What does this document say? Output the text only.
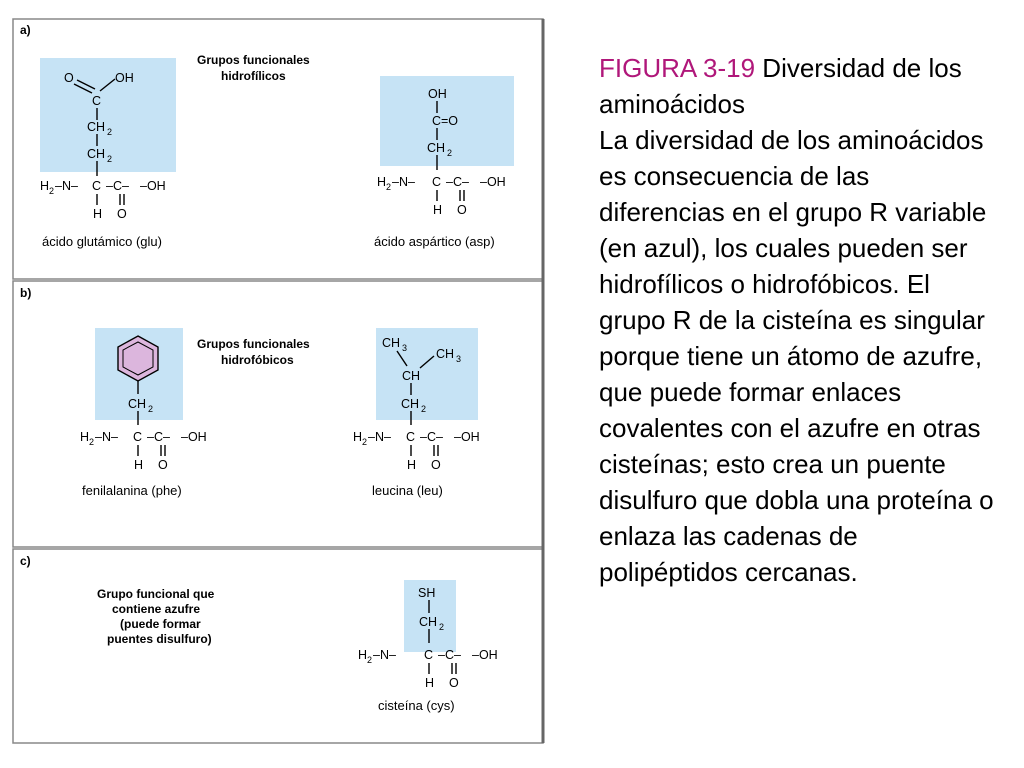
a)
Grupos funcionales
hidrofílicos
O	OH
C
CH 2
CH 2
H 2 –N– C –C– –OH
H O
ácido glutámico (glu)
OH
C =O
CH 2
H 2 –N– C –C– –OH
H O
ácido aspártico (asp)
b)
Grupos funcionales
hidrofóbicos
CH 2
H 2 –N– C –C– –OH
H O
fenilalanina (phe)
CH 3 CH 3
CH
CH 2
H 2 –N– C –C– –OH
H O
leucina (leu)
c)
Grupo funcional que
contiene azufre
(puede formar
puentes disulfuro)
SH
CH 2
H 2 –N– C –C– –OH
H O
cisteína (cys)
FIGURA 3-19 Diversidad de los aminoácidos
La diversidad de los aminoácidos es consecuencia de las diferencias en el grupo R variable (en azul), los cuales pueden ser hidrofílicos o hidrofóbicos. El grupo R de la cisteína es singular porque tiene un átomo de azufre, que puede formar enlaces covalentes con el azufre en otras cisteínas; esto crea un puente disulfuro que dobla una proteína o enlaza las cadenas de polipéptidos cercanas.
